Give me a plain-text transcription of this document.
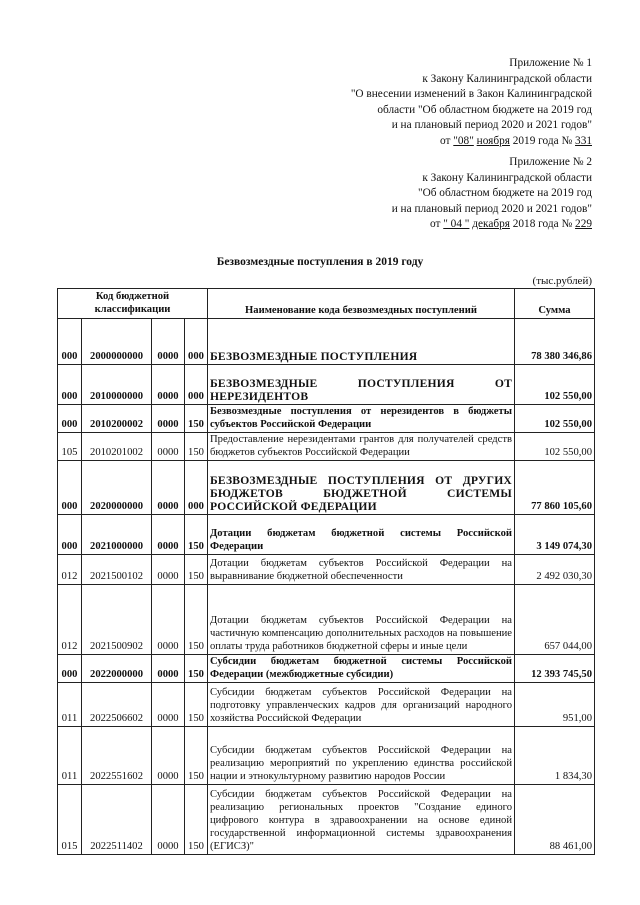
Приложение № 1
к Закону Калининградской области
"О внесении изменений в Закон Калининградской
области "Об областном бюджете на 2019 год
и на плановый период 2020 и 2021 годов"
от "08" ноября 2019 года № 331
Приложение № 2
к Закону Калининградской области
"Об областном бюджете на 2019 год
и на плановый период 2020 и 2021 годов"
от " 04 " декабря 2018 года № 229
Безвозмездные поступления в 2019 году
(тыс.рублей)
Код бюджетной классификации				Наименование кода безвозмездных поступлений	Сумма
000	2000000000	0000	000	БЕЗВОЗМЕЗДНЫЕ ПОСТУПЛЕНИЯ	78 380 346,86
000	2010000000	0000	000	БЕЗВОЗМЕЗДНЫЕ ПОСТУПЛЕНИЯ ОТ НЕРЕЗИДЕНТОВ	102 550,00
000	2010200002	0000	150	Безвозмездные поступления от нерезидентов в бюджеты субъектов Российской Федерации	102 550,00
105	2010201002	0000	150	Предоставление нерезидентами грантов для получателей средств бюджетов субъектов Российской Федерации	102 550,00
000	2020000000	0000	000	БЕЗВОЗМЕЗДНЫЕ ПОСТУПЛЕНИЯ ОТ ДРУГИХ БЮДЖЕТОВ БЮДЖЕТНОЙ СИСТЕМЫ РОССИЙСКОЙ ФЕДЕРАЦИИ	77 860 105,60
000	2021000000	0000	150	Дотации бюджетам бюджетной системы Российской Федерации	3 149 074,30
012	2021500102	0000	150	Дотации бюджетам субъектов Российской Федерации на выравнивание бюджетной обеспеченности	2 492 030,30
012	2021500902	0000	150	Дотации бюджетам субъектов Российской Федерации на частичную компенсацию дополнительных расходов на повышение оплаты труда работников бюджетной сферы и иные цели	657 044,00
000	2022000000	0000	150	Субсидии бюджетам бюджетной системы Российской Федерации (межбюджетные субсидии)	12 393 745,50
011	2022506602	0000	150	Субсидии бюджетам субъектов Российской Федерации на подготовку управленческих кадров для организаций народного хозяйства Российской Федерации	951,00
011	2022551602	0000	150	Субсидии бюджетам субъектов Российской Федерации на реализацию мероприятий по укреплению единства российской нации и этнокультурному развитию народов России	1 834,30
015	2022511402	0000	150	Субсидии бюджетам субъектов Российской Федерации на реализацию региональных проектов "Создание единого цифрового контура в здравоохранении на основе единой государственной информационной системы здравоохранения (ЕГИСЗ)"	88 461,00
